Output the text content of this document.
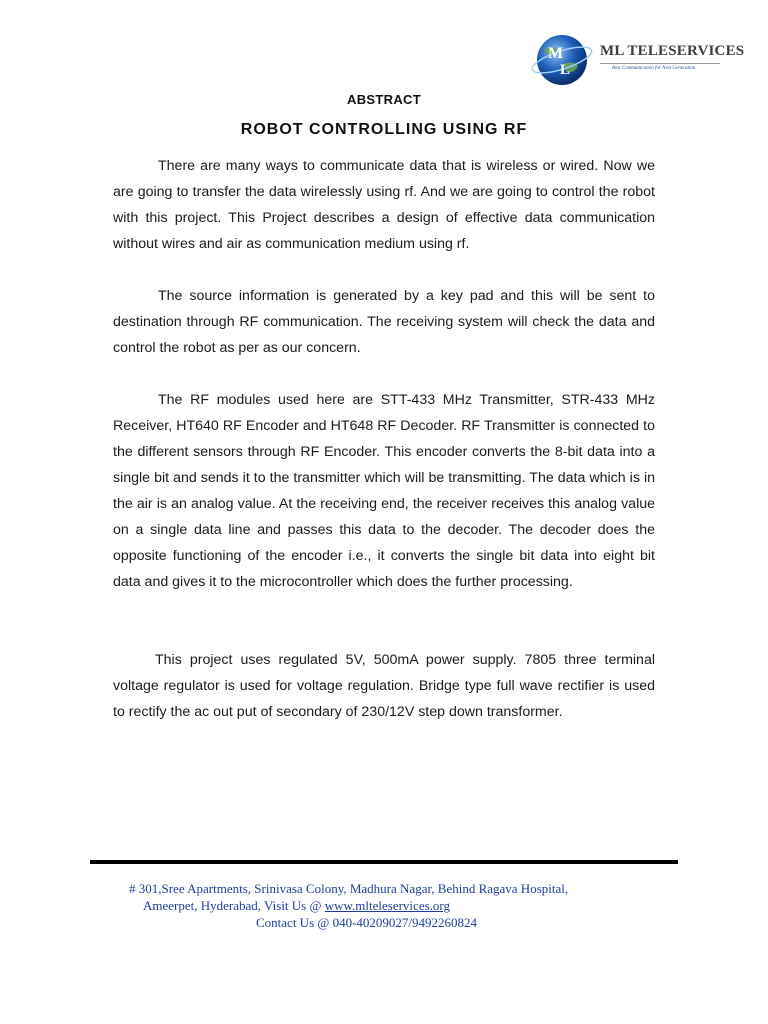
M
L
ML TELESERVICES
Best Communication for Next Generation
ABSTRACT
ROBOT CONTROLLING USING RF

There are many ways to communicate data that is wireless or wired. Now we are going to transfer the data wirelessly using rf. And we are going to control the robot with this project. This Project describes a design of effective data communication without wires and air as communication medium using rf.

The source information is generated by a key pad and this will be sent to destination through RF communication. The receiving system will check the data and control the robot as per as our concern.

The RF modules used here are STT-433 MHz Transmitter, STR-433 MHz Receiver, HT640 RF Encoder and HT648 RF Decoder. RF Transmitter is connected to the different sensors through RF Encoder. This encoder converts the 8-bit data into a single bit and sends it to the transmitter which will be transmitting. The data which is in the air is an analog value. At the receiving end, the receiver receives this analog value on a single data line and passes this data to the decoder. The decoder does the opposite functioning of the encoder i.e., it converts the single bit data into eight bit data and gives it to the microcontroller which does the further processing.

This project uses regulated 5V, 500mA power supply. 7805 three terminal voltage regulator is used for voltage regulation. Bridge type full wave rectifier is used to rectify the ac out put of secondary of 230/12V step down transformer.

# 301,Sree Apartments, Srinivasa Colony, Madhura Nagar, Behind Ragava Hospital,
Ameerpet, Hyderabad, Visit Us @ www.mlteleservices.org
Contact Us @ 040-40209027/9492260824
